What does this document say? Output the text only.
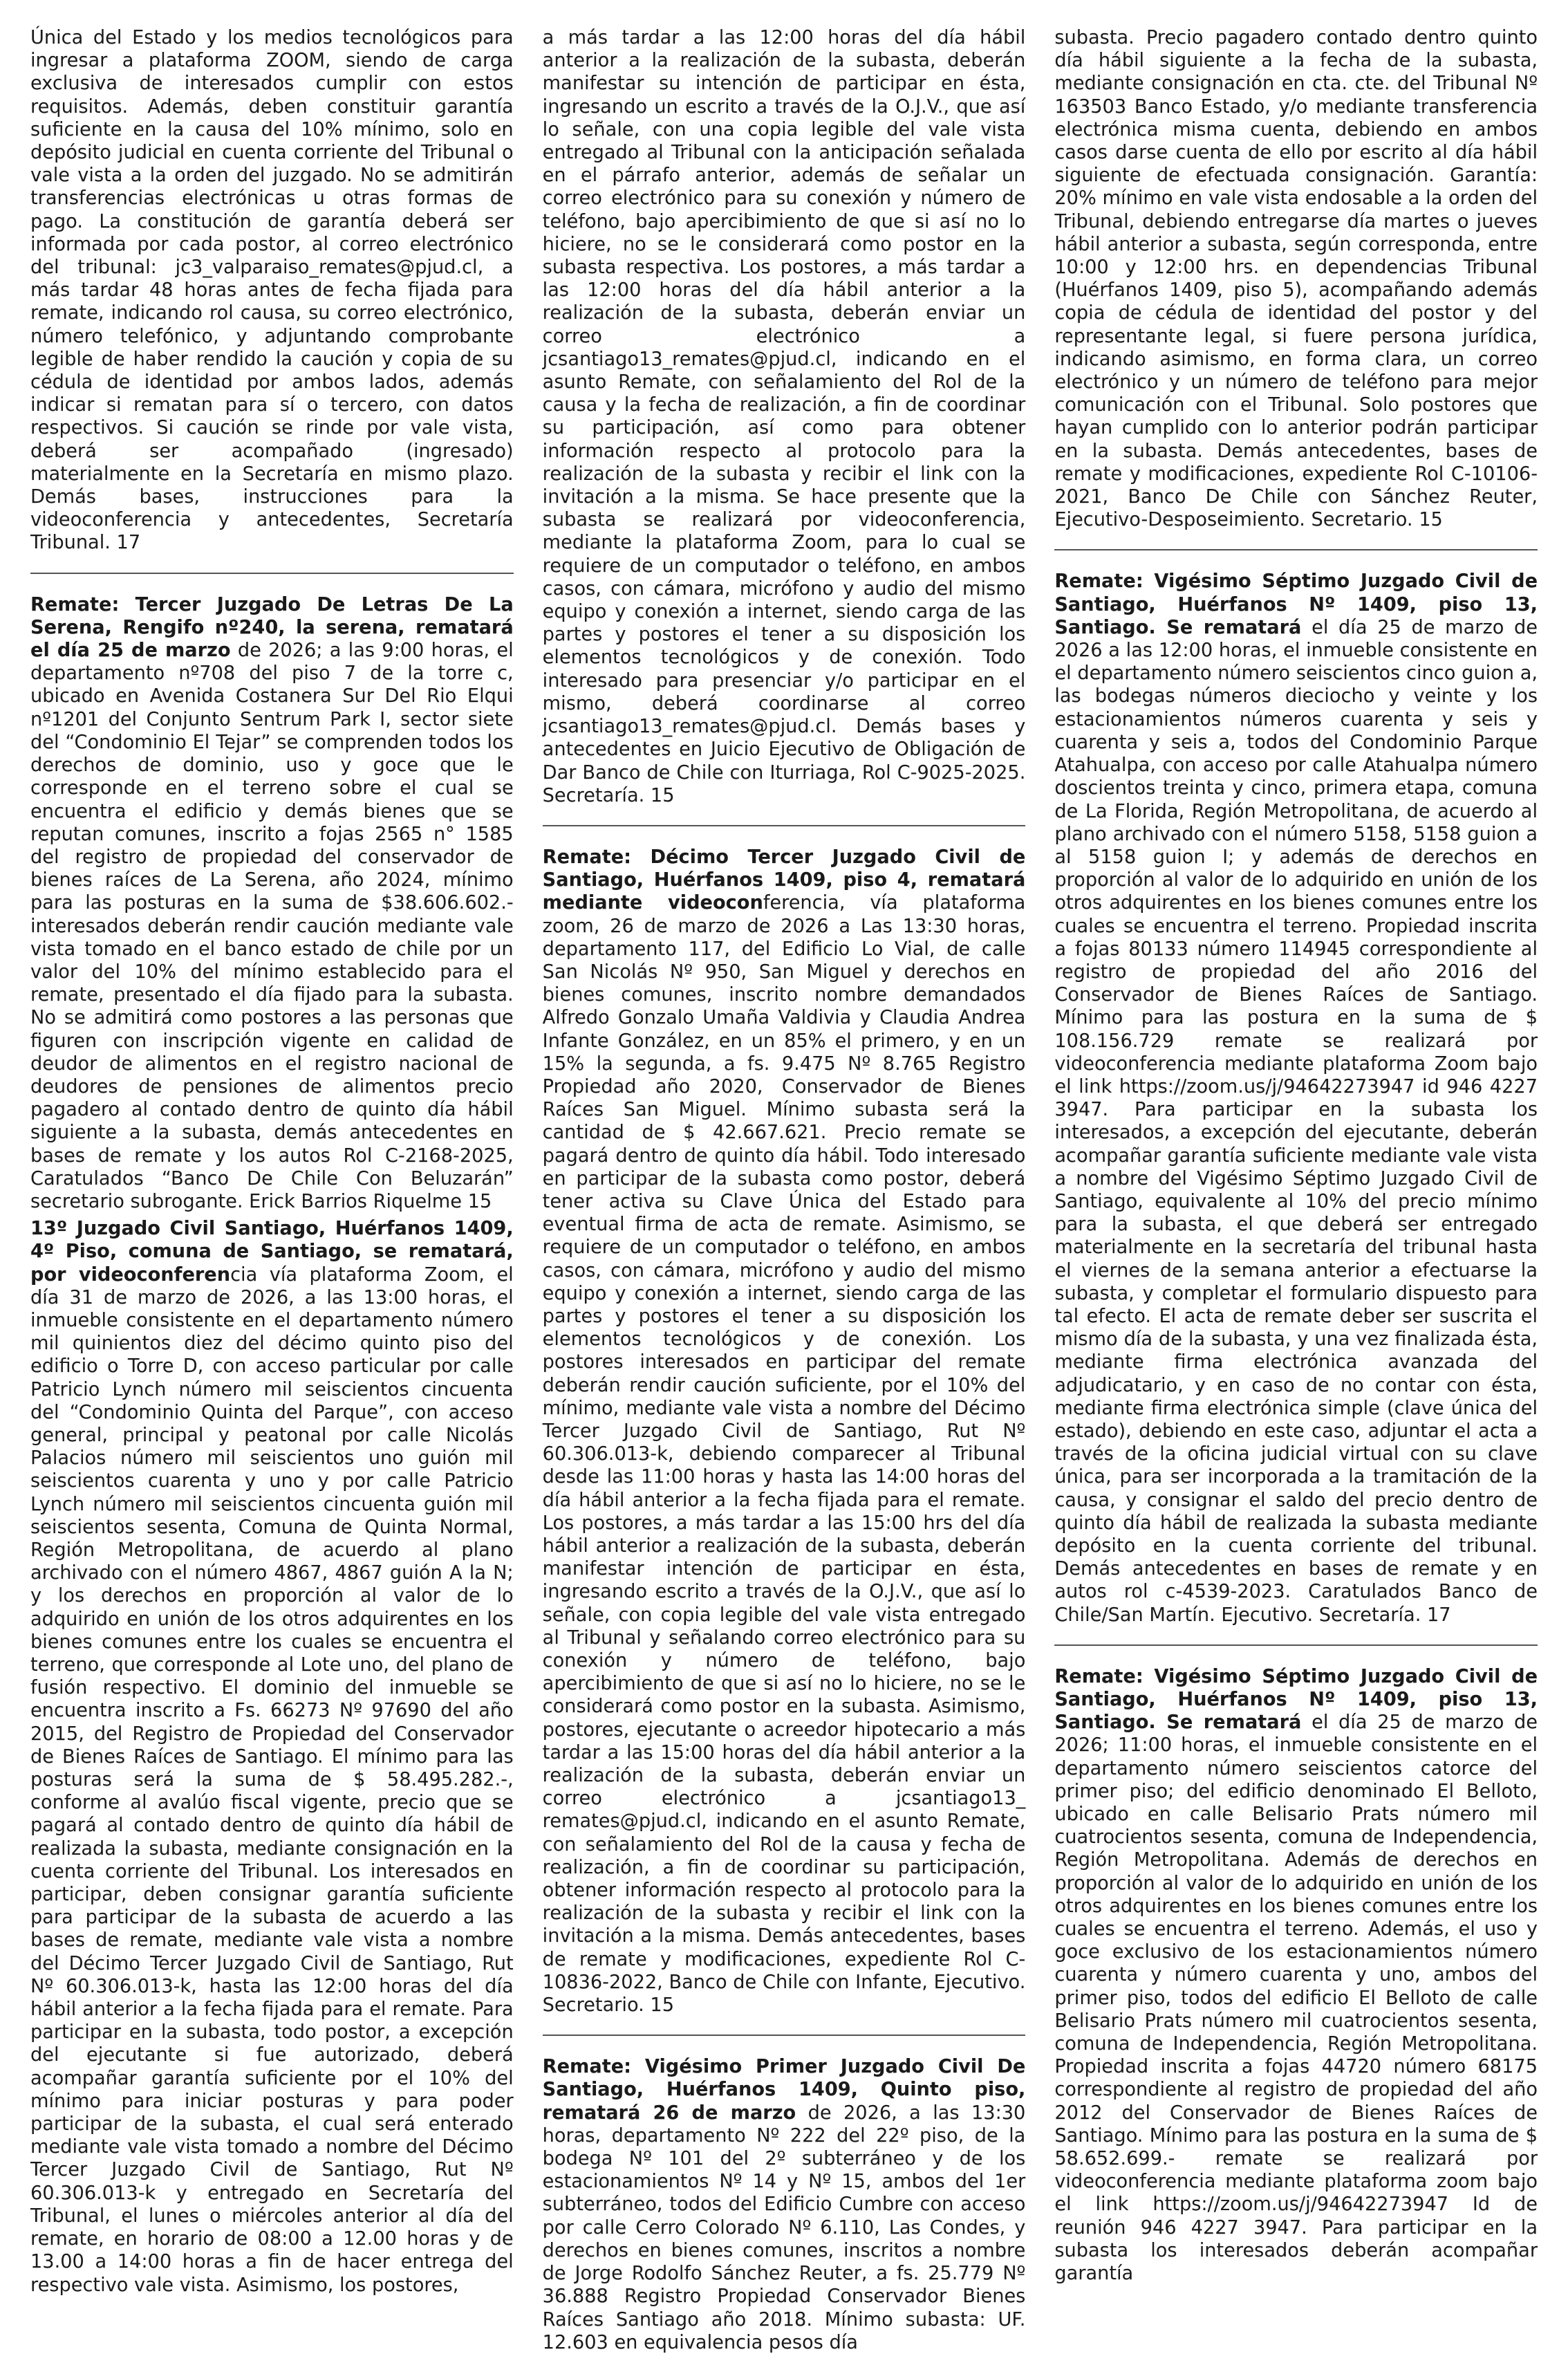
Única del Estado y los medios tecnológicos para ingresar a plataforma ZOOM, siendo de carga exclusiva de interesados cumplir con estos requisitos. Además, deben constituir garantía suficiente en la causa del 10% mínimo, solo en depósito judicial en cuenta corriente del Tribunal o vale vista a la orden del juzgado. No se admitirán transferencias electrónicas u otras formas de pago. La constitución de garantía deberá ser informada por cada postor, al correo electrónico del tribunal: jc3_valparaiso_remates@pjud.cl, a más tardar 48 horas antes de fecha fijada para remate, indicando rol causa, su correo electrónico, número telefónico, y adjuntando comprobante legible de haber rendido la caución y copia de su cédula de identidad por ambos lados, además indicar si rematan para sí o tercero, con datos respectivos. Si caución se rinde por vale vista, deberá ser acompañado (ingresado) materialmente en la Secretaría en mismo plazo. Demás bases, instrucciones para la videoconferencia y antecedentes, Secretaría Tribunal. 17

Remate: Tercer Juzgado De Letras De La Serena, Rengifo nº240, la serena, rematará el día 25 de marzo de 2026; a las 9:00 horas, el departamento nº708 del piso 7 de la torre c, ubicado en Avenida Costanera Sur Del Rio Elqui nº1201 del Conjunto Sentrum Park I, sector siete del “Condominio El Tejar” se comprenden todos los derechos de dominio, uso y goce que le corresponde en el terreno sobre el cual se encuentra el edificio y demás bienes que se reputan comunes, inscrito a fojas 2565 n° 1585 del registro de propiedad del conservador de bienes raíces de La Serena, año 2024, mínimo para las posturas en la suma de $38.606.602.- interesados deberán rendir caución mediante vale vista tomado en el banco estado de chile por un valor del 10% del mínimo establecido para el remate, presentado el día fijado para la subasta. No se admitirá como postores a las personas que figuren con inscripción vigente en calidad de deudor de alimentos en el registro nacional de deudores de pensiones de alimentos precio pagadero al contado dentro de quinto día hábil siguiente a la subasta, demás antecedentes en bases de remate y los autos Rol C-2168-2025, Caratulados “Banco De Chile Con Beluzarán” secretario subrogante. Erick Barrios Riquelme 15

13º Juzgado Civil Santiago, Huérfanos 1409, 4º Piso, comuna de Santiago, se rematará, por videoconferencia vía plataforma Zoom, el día 31 de marzo de 2026, a las 13:00 horas, el inmueble consistente en el departamento número mil quinientos diez del décimo quinto piso del edificio o Torre D, con acceso particular por calle Patricio Lynch número mil seiscientos cincuenta del “Condominio Quinta del Parque”, con acceso general, principal y peatonal por calle Nicolás Palacios número mil seiscientos uno guión mil seiscientos cuarenta y uno y por calle Patricio Lynch número mil seiscientos cincuenta guión mil seiscientos sesenta, Comuna de Quinta Normal, Región Metropolitana, de acuerdo al plano archivado con el número 4867, 4867 guión A la N; y los derechos en proporción al valor de lo adquirido en unión de los otros adquirentes en los bienes comunes entre los cuales se encuentra el terreno, que corresponde al Lote uno, del plano de fusión respectivo. El dominio del inmueble se encuentra inscrito a Fs. 66273 Nº 97690 del año 2015, del Registro de Propiedad del Conservador de Bienes Raíces de Santiago. El mínimo para las posturas será la suma de $ 58.495.282.-, conforme al avalúo fiscal vigente, precio que se pagará al contado dentro de quinto día hábil de realizada la subasta, mediante consignación en la cuenta corriente del Tribunal. Los interesados en participar, deben consignar garantía suficiente para participar de la subasta de acuerdo a las bases de remate, mediante vale vista a nombre del Décimo Tercer Juzgado Civil de Santiago, Rut Nº 60.306.013-k, hasta las 12:00 horas del día hábil anterior a la fecha fijada para el remate. Para participar en la subasta, todo postor, a excepción del ejecutante si fue autorizado, deberá acompañar garantía suficiente por el 10% del mínimo para iniciar posturas y para poder participar de la subasta, el cual será enterado mediante vale vista tomado a nombre del Décimo Tercer Juzgado Civil de Santiago, Rut Nº 60.306.013-k y entregado en Secretaría del Tribunal, el lunes o miércoles anterior al día del remate, en horario de 08:00 a 12.00 horas y de 13.00 a 14:00 horas a fin de hacer entrega del respectivo vale vista. Asimismo, los postores,

a más tardar a las 12:00 horas del día hábil anterior a la realización de la subasta, deberán manifestar su intención de participar en ésta, ingresando un escrito a través de la O.J.V., que así lo señale, con una copia legible del vale vista entregado al Tribunal con la anticipación señalada en el párrafo anterior, además de señalar un correo electrónico para su conexión y número de teléfono, bajo apercibimiento de que si así no lo hiciere, no se le considerará como postor en la subasta respectiva. Los postores, a más tardar a las 12:00 horas del día hábil anterior a la realización de la subasta, deberán enviar un correo electrónico a jcsantiago13_remates@pjud.cl, indicando en el asunto Remate, con señalamiento del Rol de la causa y la fecha de realización, a fin de coordinar su participación, así como para obtener información respecto al protocolo para la realización de la subasta y recibir el link con la invitación a la misma. Se hace presente que la subasta se realizará por videoconferencia, mediante la plataforma Zoom, para lo cual se requiere de un computador o teléfono, en ambos casos, con cámara, micrófono y audio del mismo equipo y conexión a internet, siendo carga de las partes y postores el tener a su disposición los elementos tecnológicos y de conexión. Todo interesado para presenciar y/o participar en el mismo, deberá coordinarse al correo jcsantiago13_remates@pjud.cl. Demás bases y antecedentes en Juicio Ejecutivo de Obligación de Dar Banco de Chile con Iturriaga, Rol C-9025-2025. Secretaría. 15

Remate: Décimo Tercer Juzgado Civil de Santiago, Huérfanos 1409, piso 4, rematará mediante videoconferencia, vía plataforma zoom, 26 de marzo de 2026 a Las 13:30 horas, departamento 117, del Edificio Lo Vial, de calle San Nicolás Nº 950, San Miguel y derechos en bienes comunes, inscrito nombre demandados Alfredo Gonzalo Umaña Valdivia y Claudia Andrea Infante González, en un 85% el primero, y en un 15% la segunda, a fs. 9.475 Nº 8.765 Registro Propiedad año 2020, Conservador de Bienes Raíces San Miguel. Mínimo subasta será la cantidad de $ 42.667.621. Precio remate se pagará dentro de quinto día hábil. Todo interesado en participar de la subasta como postor, deberá tener activa su Clave Única del Estado para eventual firma de acta de remate. Asimismo, se requiere de un computador o teléfono, en ambos casos, con cámara, micrófono y audio del mismo equipo y conexión a internet, siendo carga de las partes y postores el tener a su disposición los elementos tecnológicos y de conexión. Los postores interesados en participar del remate deberán rendir caución suficiente, por el 10% del mínimo, mediante vale vista a nombre del Décimo Tercer Juzgado Civil de Santiago, Rut Nº 60.306.013-k, debiendo comparecer al Tribunal desde las 11:00 horas y hasta las 14:00 horas del día hábil anterior a la fecha fijada para el remate. Los postores, a más tardar a las 15:00 hrs del día hábil anterior a realización de la subasta, deberán manifestar intención de participar en ésta, ingresando escrito a través de la O.J.V., que así lo señale, con copia legible del vale vista entregado al Tribunal y señalando correo electrónico para su conexión y número de teléfono, bajo apercibimiento de que si así no lo hiciere, no se le considerará como postor en la subasta. Asimismo, postores, ejecutante o acreedor hipotecario a más tardar a las 15:00 horas del día hábil anterior a la realización de la subasta, deberán enviar un correo electrónico a jcsantiago13_ remates@pjud.cl, indicando en el asunto Remate, con señalamiento del Rol de la causa y fecha de realización, a fin de coordinar su participación, obtener información respecto al protocolo para la realización de la subasta y recibir el link con la invitación a la misma. Demás antecedentes, bases de remate y modificaciones, expediente Rol C-10836-2022, Banco de Chile con Infante, Ejecutivo. Secretario. 15

Remate: Vigésimo Primer Juzgado Civil De Santiago, Huérfanos 1409, Quinto piso, rematará 26 de marzo de 2026, a las 13:30 horas, departamento Nº 222 del 22º piso, de la bodega Nº 101 del 2º subterráneo y de los estacionamientos Nº 14 y Nº 15, ambos del 1er subterráneo, todos del Edificio Cumbre con acceso por calle Cerro Colorado Nº 6.110, Las Condes, y derechos en bienes comunes, inscritos a nombre de Jorge Rodolfo Sánchez Reuter, a fs. 25.779 Nº 36.888 Registro Propiedad Conservador Bienes Raíces Santiago año 2018. Mínimo subasta: UF. 12.603 en equivalencia pesos día

subasta. Precio pagadero contado dentro quinto día hábil siguiente a la fecha de la subasta, mediante consignación en cta. cte. del Tribunal Nº 163503 Banco Estado, y/o mediante transferencia electrónica misma cuenta, debiendo en ambos casos darse cuenta de ello por escrito al día hábil siguiente de efectuada consignación. Garantía: 20% mínimo en vale vista endosable a la orden del Tribunal, debiendo entregarse día martes o jueves hábil anterior a subasta, según corresponda, entre 10:00 y 12:00 hrs. en dependencias Tribunal (Huérfanos 1409, piso 5), acompañando además copia de cédula de identidad del postor y del representante legal, si fuere persona jurídica, indicando asimismo, en forma clara, un correo electrónico y un número de teléfono para mejor comunicación con el Tribunal. Solo postores que hayan cumplido con lo anterior podrán participar en la subasta. Demás antecedentes, bases de remate y modificaciones, expediente Rol C-10106-2021, Banco De Chile con Sánchez Reuter, Ejecutivo-Desposeimiento. Secretario. 15

Remate: Vigésimo Séptimo Juzgado Civil de Santiago, Huérfanos Nº 1409, piso 13, Santiago. Se rematará el día 25 de marzo de 2026 a las 12:00 horas, el inmueble consistente en el departamento número seiscientos cinco guion a, las bodegas números dieciocho y veinte y los estacionamientos números cuarenta y seis y cuarenta y seis a, todos del Condominio Parque Atahualpa, con acceso por calle Atahualpa número doscientos treinta y cinco, primera etapa, comuna de La Florida, Región Metropolitana, de acuerdo al plano archivado con el número 5158, 5158 guion a al 5158 guion I; y además de derechos en proporción al valor de lo adquirido en unión de los otros adquirentes en los bienes comunes entre los cuales se encuentra el terreno. Propiedad inscrita a fojas 80133 número 114945 correspondiente al registro de propiedad del año 2016 del Conservador de Bienes Raíces de Santiago. Mínimo para las postura en la suma de $ 108.156.729 remate se realizará por videoconferencia mediante plataforma Zoom bajo el link https://zoom.us/j/94642273947 id 946 4227 3947. Para participar en la subasta los interesados, a excepción del ejecutante, deberán acompañar garantía suficiente mediante vale vista a nombre del Vigésimo Séptimo Juzgado Civil de Santiago, equivalente al 10% del precio mínimo para la subasta, el que deberá ser entregado materialmente en la secretaría del tribunal hasta el viernes de la semana anterior a efectuarse la subasta, y completar el formulario dispuesto para tal efecto. El acta de remate deber ser suscrita el mismo día de la subasta, y una vez finalizada ésta, mediante firma electrónica avanzada del adjudicatario, y en caso de no contar con ésta, mediante firma electrónica simple (clave única del estado), debiendo en este caso, adjuntar el acta a través de la oficina judicial virtual con su clave única, para ser incorporada a la tramitación de la causa, y consignar el saldo del precio dentro de quinto día hábil de realizada la subasta mediante depósito en la cuenta corriente del tribunal. Demás antecedentes en bases de remate y en autos rol c-4539-2023. Caratulados Banco de Chile/San Martín. Ejecutivo. Secretaría. 17

Remate: Vigésimo Séptimo Juzgado Civil de Santiago, Huérfanos Nº 1409, piso 13, Santiago. Se rematará el día 25 de marzo de 2026; 11:00 horas, el inmueble consistente en el departamento número seiscientos catorce del primer piso; del edificio denominado El Belloto, ubicado en calle Belisario Prats número mil cuatrocientos sesenta, comuna de Independencia, Región Metropolitana. Además de derechos en proporción al valor de lo adquirido en unión de los otros adquirentes en los bienes comunes entre los cuales se encuentra el terreno. Además, el uso y goce exclusivo de los estacionamientos número cuarenta y número cuarenta y uno, ambos del primer piso, todos del edificio El Belloto de calle Belisario Prats número mil cuatrocientos sesenta, comuna de Independencia, Región Metropolitana. Propiedad inscrita a fojas 44720 número 68175 correspondiente al registro de propiedad del año 2012 del Conservador de Bienes Raíces de Santiago. Mínimo para las postura en la suma de $ 58.652.699.- remate se realizará por videoconferencia mediante plataforma zoom bajo el link https://zoom.us/j/94642273947 Id de reunión 946 4227 3947. Para participar en la subasta los interesados deberán acompañar garantía
